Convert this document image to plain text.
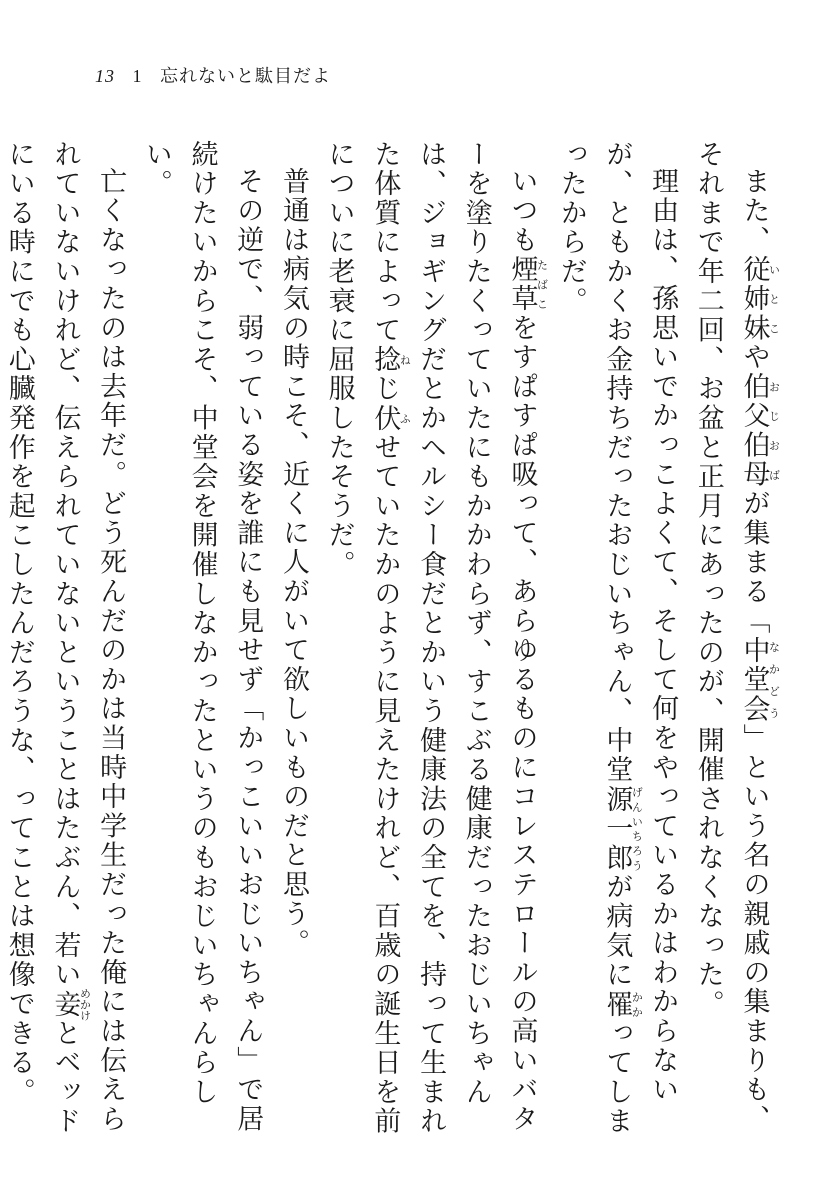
13 1 忘れないと駄目だよ

また、従姉妹いとこや伯父伯母おじおばが集まる「中堂会なかどう」という名の親戚の集まりも、それまで年二回、お盆と正月にあったのが、開催されなくなった。

理由は、孫思いでかっこよくて、そして何をやっているかはわからないが、ともかくお金持ちだったおじいちゃん、中堂源一郎げんいちろうが病気に罹かかってしまったからだ。

いつも煙草たばこをすぱすぱ吸って、あらゆるものにコレステロールの高いバターを塗りたくっていたにもかかわらず、すこぶる健康だったおじいちゃんは、ジョギングだとかヘルシー食だとかいう健康法の全てを、持って生まれた体質によって捻ねじ伏ふせていたかのように見えたけれど、百歳の誕生日を前についに老衰に屈服したそうだ。

普通は病気の時こそ、近くに人がいて欲しいものだと思う。

その逆で、弱っている姿を誰にも見せず「かっこいいおじいちゃん」で居続けたいからこそ、中堂会を開催しなかったというのもおじいちゃんらしい。

亡くなったのは去年だ。どう死んだのかは当時中学生だった俺には伝えられていないけれど、伝えられていないということはたぶん、若い妾めかけとベッドにいる時にでも心臓発作を起こしたんだろうな、ってことは想像できる。
